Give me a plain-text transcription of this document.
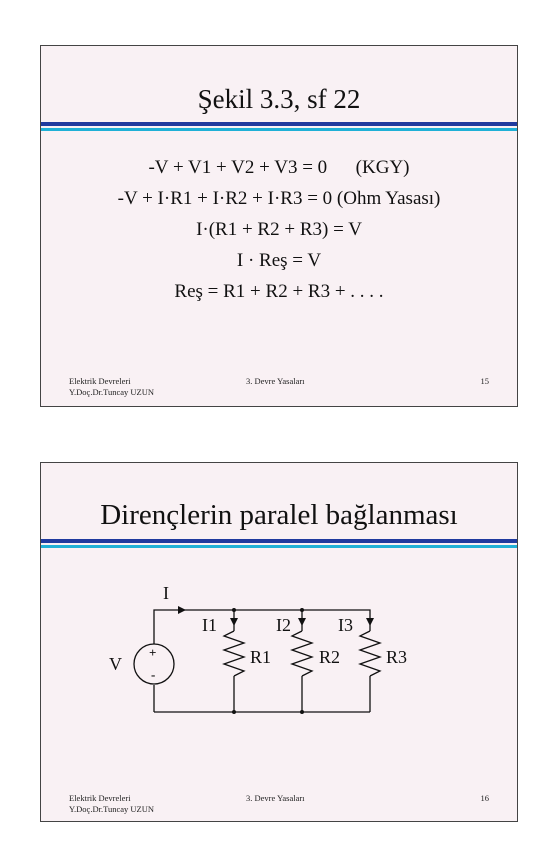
Şekil 3.3, sf 22
-V + V1 + V2 + V3 = 0      (KGY)
-V + I·R1 + I·R2 + I·R3 = 0 (Ohm Yasası)
I·(R1 + R2 + R3) = V
I · Reş = V
Reş = R1 + R2 + R3 + . . . .
Elektrik Devreleri
Y.Doç.Dr.Tuncay UZUN
3. Devre Yasaları	15
Dirençlerin paralel bağlanması
I
V
I1	I2	I3
R1	R2	R3
+
-
Elektrik Devreleri
Y.Doç.Dr.Tuncay UZUN
3. Devre Yasaları	16
